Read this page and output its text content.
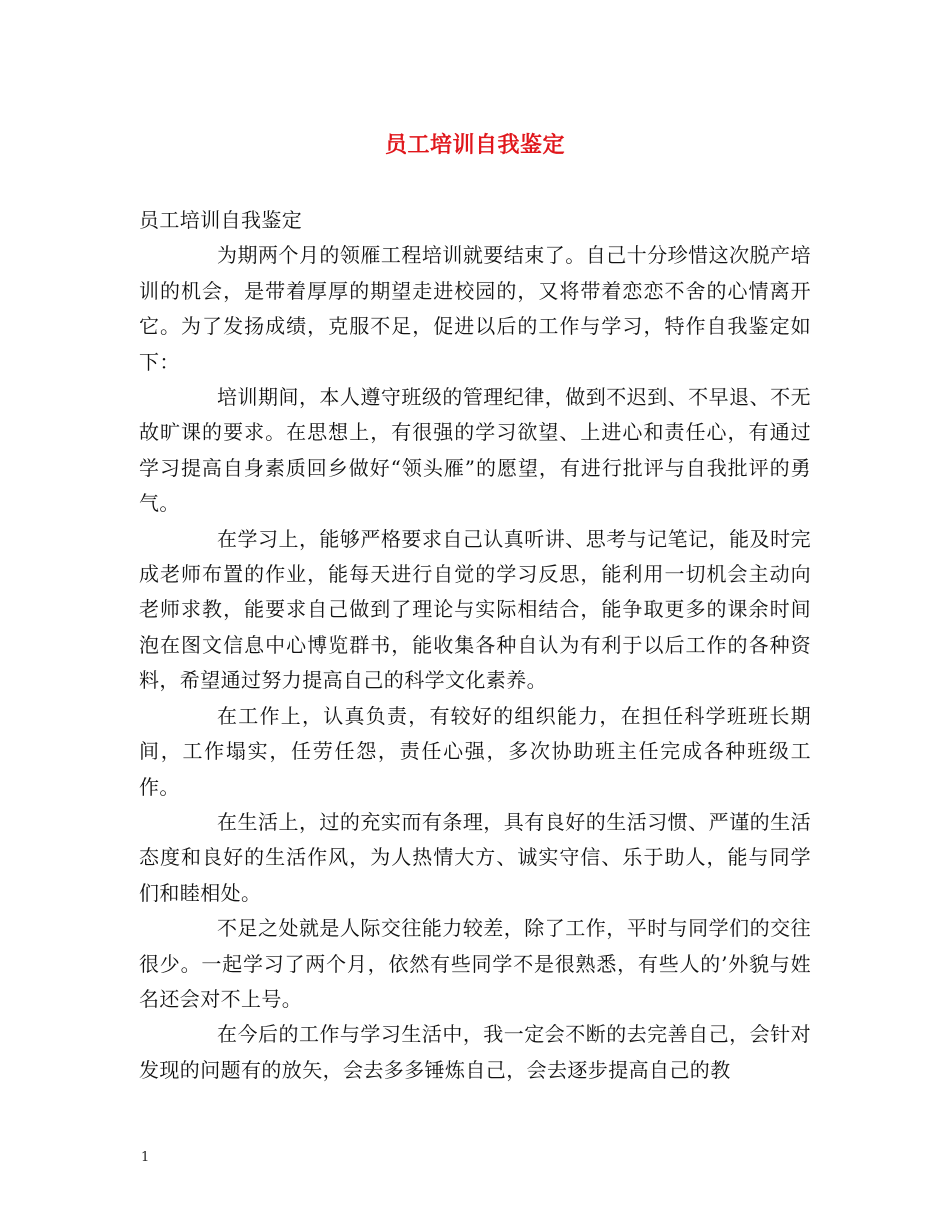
员工培训自我鉴定

员工培训自我鉴定

为期两个月的领雁工程培训就要结束了。自己十分珍惜这次脱产培训的机会，是带着厚厚的期望走进校园的，又将带着恋恋不舍的心情离开它。为了发扬成绩，克服不足，促进以后的工作与学习，特作自我鉴定如下：

培训期间，本人遵守班级的管理纪律，做到不迟到、不早退、不无故旷课的要求。在思想上，有很强的学习欲望、上进心和责任心，有通过学习提高自身素质回乡做好“领头雁”的愿望，有进行批评与自我批评的勇气。

在学习上，能够严格要求自己认真听讲、思考与记笔记，能及时完成老师布置的作业，能每天进行自觉的学习反思，能利用一切机会主动向老师求教，能要求自己做到了理论与实际相结合，能争取更多的课余时间泡在图文信息中心博览群书，能收集各种自认为有利于以后工作的各种资料，希望通过努力提高自己的科学文化素养。

在工作上，认真负责，有较好的组织能力，在担任科学班班长期间，工作塌实，任劳任怨，责任心强，多次协助班主任完成各种班级工作。

在生活上，过的充实而有条理，具有良好的生活习惯、严谨的生活态度和良好的生活作风，为人热情大方、诚实守信、乐于助人，能与同学们和睦相处。

不足之处就是人际交往能力较差，除了工作，平时与同学们的交往很少。一起学习了两个月，依然有些同学不是很熟悉，有些人的’外貌与姓名还会对不上号。

在今后的工作与学习生活中，我一定会不断的去完善自己，会针对发现的问题有的放矢，会去多多锤炼自己，会去逐步提高自己的教

1
